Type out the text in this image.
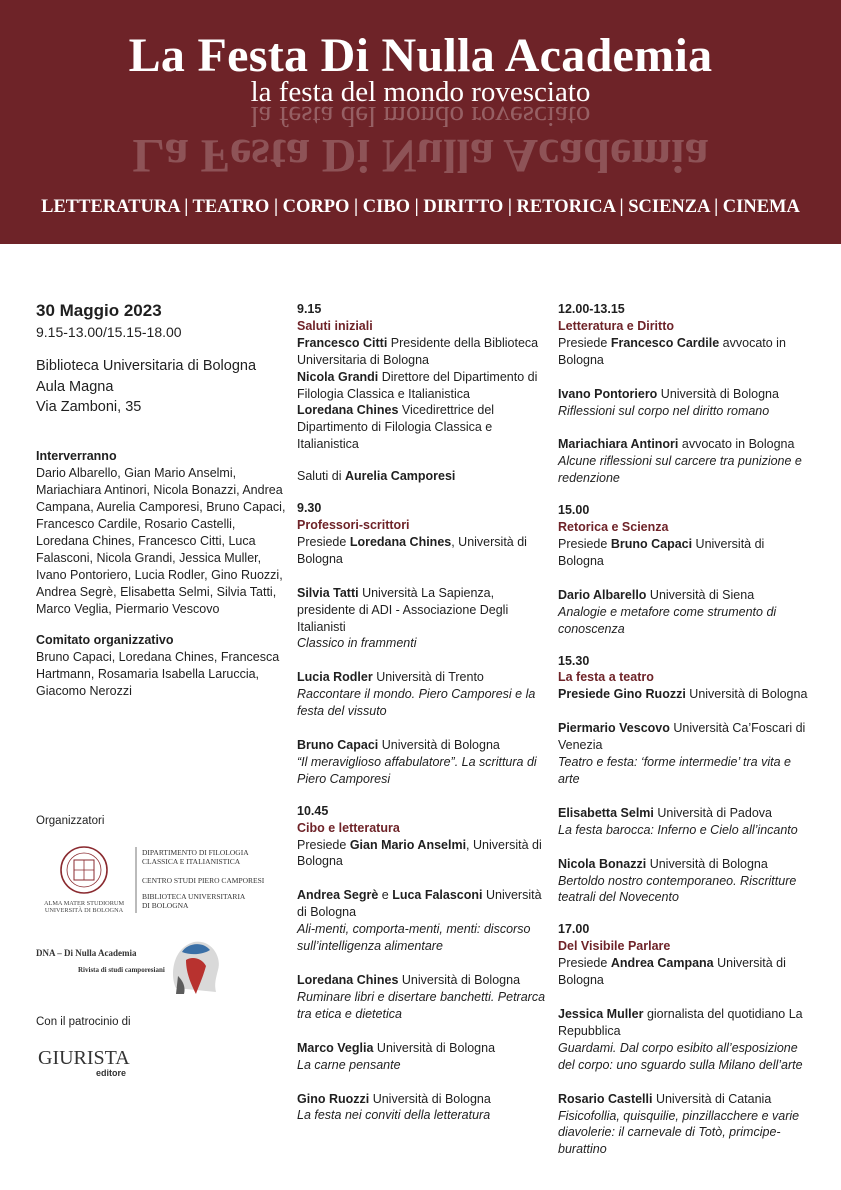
La Festa Di Nulla Academia
la festa del mondo rovesciato
La Festa Di Nulla Academia
la festa del mondo rovesciato
LETTERATURA | TEATRO | CORPO | CIBO | DIRITTO | RETORICA | SCIENZA | CINEMA
30 Maggio 2023
9.15-13.00/15.15-18.00
Biblioteca Universitaria di Bologna
Aula Magna
Via Zamboni, 35
Interverranno
Dario Albarello, Gian Mario Anselmi, Mariachiara Antinori, Nicola Bonazzi, Andrea Campana, Aurelia Camporesi, Bruno Capaci, Francesco Cardile, Rosario Castelli, Loredana Chines, Francesco Citti, Luca Falasconi, Nicola Grandi, Jessica Muller, Ivano Pontoriero, Lucia Rodler, Gino Ruozzi, Andrea Segrè, Elisabetta Selmi, Silvia Tatti, Marco Veglia, Piermario Vescovo
Comitato organizzativo
Bruno Capaci, Loredana Chines, Francesca Hartmann, Rosamaria Isabella Laruccia, Giacomo Nerozzi
Organizzatori
ALMA MATER STUDIORUM
UNIVERSITÀ DI BOLOGNA
DIPARTIMENTO DI FILOLOGIA
CLASSICA E ITALIANISTICA
CENTRO STUDI PIERO CAMPORESI
BIBLIOTECA UNIVERSITARIA
DI BOLOGNA
DNA – Di Nulla Academia
Rivista di studi camporesiani
Con il patrocinio di
GIURISTA
editore
9.15
Saluti iniziali
Francesco Citti Presidente della Biblioteca Universitaria di Bologna
Nicola Grandi Direttore del Dipartimento di Filologia Classica e Italianistica
Loredana Chines Vicedirettrice del Dipartimento di Filologia Classica e Italianistica
Saluti di Aurelia Camporesi
9.30
Professori-scrittori
Presiede Loredana Chines, Università di Bologna
Silvia Tatti Università La Sapienza, presidente di ADI - Associazione Degli Italianisti
Classico in frammenti
Lucia Rodler Università di Trento
Raccontare il mondo. Piero Camporesi e la festa del vissuto
Bruno Capaci Università di Bologna
“Il meraviglioso affabulatore”. La scrittura di Piero Camporesi
10.45
Cibo e letteratura
Presiede Gian Mario Anselmi, Università di Bologna
Andrea Segrè e Luca Falasconi Università di Bologna
Ali-menti, comporta-menti, menti: discorso sull’intelligenza alimentare
Loredana Chines Università di Bologna
Ruminare libri e disertare banchetti. Petrarca tra etica e dietetica
Marco Veglia Università di Bologna
La carne pensante
Gino Ruozzi Università di Bologna
La festa nei conviti della letteratura
12.00-13.15
Letteratura e Diritto
Presiede Francesco Cardile avvocato in Bologna
Ivano Pontoriero Università di Bologna
Riflessioni sul corpo nel diritto romano
Mariachiara Antinori avvocato in Bologna
Alcune riflessioni sul carcere tra punizione e redenzione
15.00
Retorica e Scienza
Presiede Bruno Capaci Università di Bologna
Dario Albarello Università di Siena
Analogie e metafore come strumento di conoscenza
15.30
La festa a teatro
Presiede Gino Ruozzi Università di Bologna
Piermario Vescovo Università Ca’Foscari di Venezia
Teatro e festa: ‘forme intermedie’ tra vita e arte
Elisabetta Selmi Università di Padova
La festa barocca: Inferno e Cielo all’incanto
Nicola Bonazzi Università di Bologna
Bertoldo nostro contemporaneo. Riscritture teatrali del Novecento
17.00
Del Visibile Parlare
Presiede Andrea Campana Università di Bologna
Jessica Muller giornalista del quotidiano La Repubblica
Guardami. Dal corpo esibito all’esposizione del corpo: uno sguardo sulla Milano dell’arte
Rosario Castelli Università di Catania
Fisicofollia, quisquilie, pinzillacchere e varie diavolerie: il carnevale di Totò, primcipe-burattino
